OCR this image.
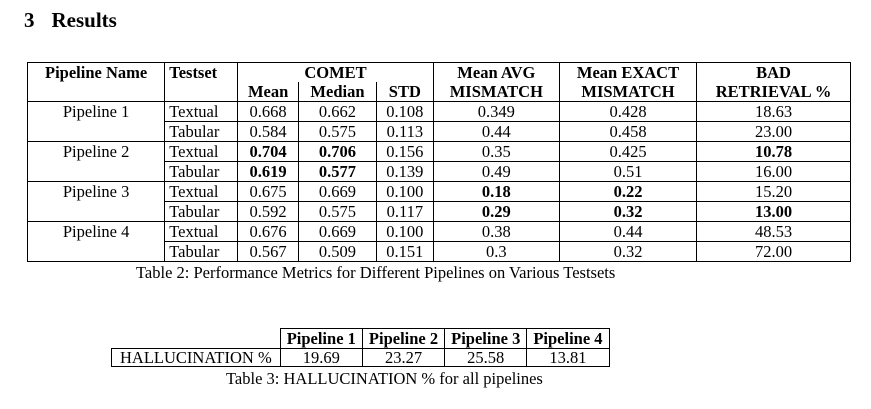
3 Results
Pipeline Name	Testset	COMET			Mean AVG	Mean EXACT	BAD
		Mean	Median	STD	MISMATCH	MISMATCH	RETRIEVAL %
Pipeline 1	Textual	0.668	0.662	0.108	0.349	0.428	18.63
	Tabular	0.584	0.575	0.113	0.44	0.458	23.00
Pipeline 2	Textual	0.704	0.706	0.156	0.35	0.425	10.78
	Tabular	0.619	0.577	0.139	0.49	0.51	16.00
Pipeline 3	Textual	0.675	0.669	0.100	0.18	0.22	15.20
	Tabular	0.592	0.575	0.117	0.29	0.32	13.00
Pipeline 4	Textual	0.676	0.669	0.100	0.38	0.44	48.53
	Tabular	0.567	0.509	0.151	0.3	0.32	72.00
Table 2: Performance Metrics for Different Pipelines on Various Testsets
	Pipeline 1	Pipeline 2	Pipeline 3	Pipeline 4
HALLUCINATION %	19.69	23.27	25.58	13.81
Table 3: HALLUCINATION % for all pipelines
